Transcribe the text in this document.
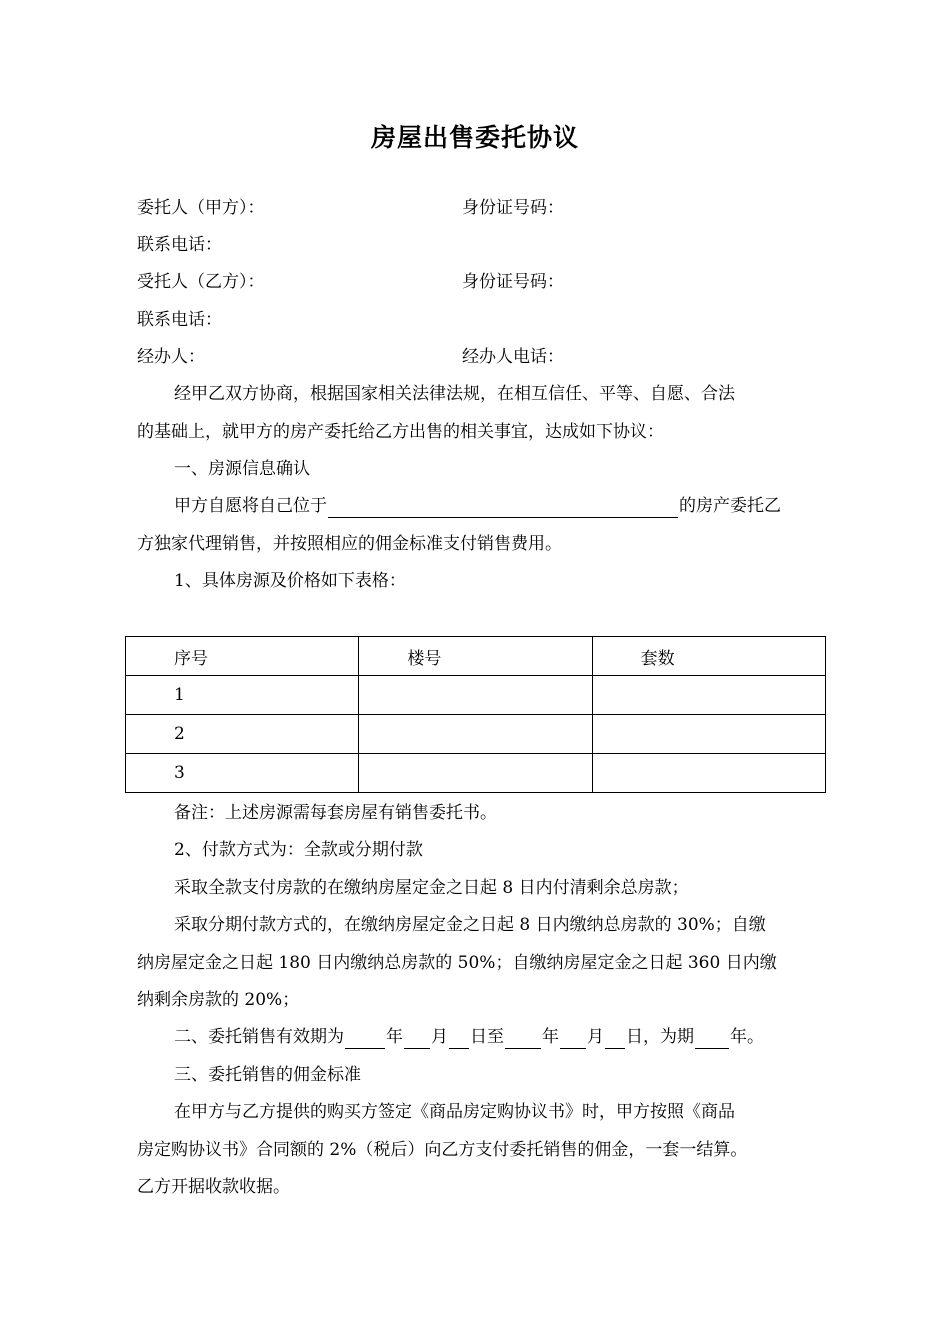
房屋出售委托协议
委托人（甲方）：	身份证号码：
联系电话：
受托人（乙方）：	身份证号码：
联系电话：
经办人：	经办人电话：
经甲乙双方协商，根据国家相关法律法规，在相互信任、平等、自愿、合法
的基础上，就甲方的房产委托给乙方出售的相关事宜，达成如下协议：
一、房源信息确认
甲方自愿将自己位于	的房产委托乙
方独家代理销售，并按照相应的佣金标准支付销售费用。
1、具体房源及价格如下表格：
序号	楼号	套数
1		
2		
3		
备注：上述房源需每套房屋有销售委托书。
2、付款方式为：全款或分期付款
采取全款支付房款的在缴纳房屋定金之日起 8 日内付清剩余总房款；
采取分期付款方式的，在缴纳房屋定金之日起 8 日内缴纳总房款的 30%；自缴
纳房屋定金之日起 180 日内缴纳总房款的 50%；自缴纳房屋定金之日起 360 日内缴
纳剩余房款的 20%；
二、委托销售有效期为 年 月 日至 年 月 日，为期 年。
三、委托销售的佣金标准
在甲方与乙方提供的购买方签定《商品房定购协议书》时，甲方按照《商品
房定购协议书》合同额的 2%（税后）向乙方支付委托销售的佣金，一套一结算。
乙方开据收款收据。
